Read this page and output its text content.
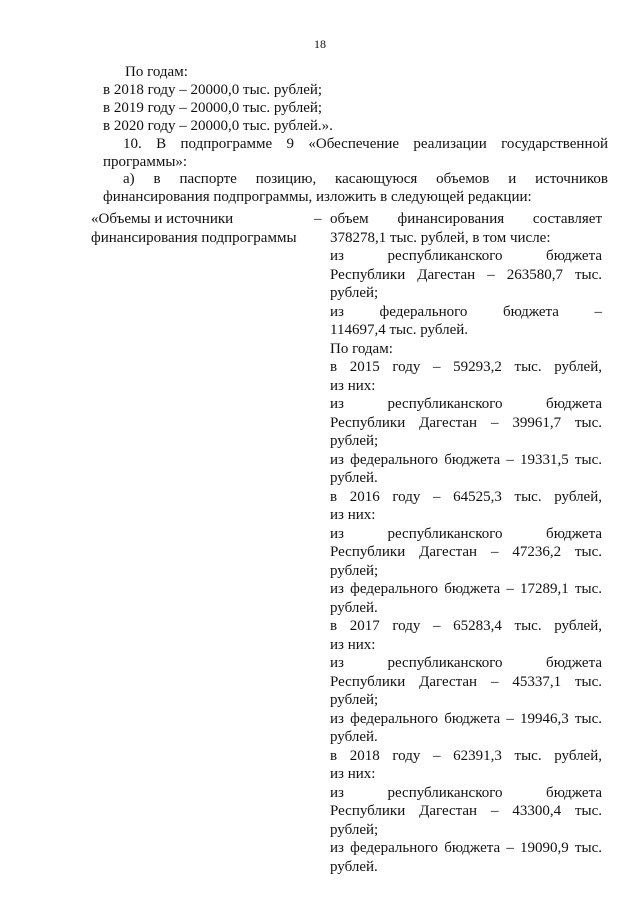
18
По годам:
в 2018 году – 20000,0 тыс. рублей;
в 2019 году – 20000,0 тыс. рублей;
в 2020 году – 20000,0 тыс. рублей.».
10. В подпрограмме 9 «Обеспечение реализации государственной
программы»:
а) в паспорте позицию, касающуюся объемов и источников
финансирования подпрограммы, изложить в следующей редакции:
«Объемы и источники
финансирования подпрограммы
– объем финансирования составляет
378278,1 тыс. рублей, в том числе:
из республиканского бюджета
Республики Дагестан – 263580,7 тыс.
рублей;
из федерального бюджета –
114697,4 тыс. рублей.
По годам:
в 2015 году – 59293,2 тыс. рублей,
из них:
из республиканского бюджета
Республики Дагестан – 39961,7 тыс.
рублей;
из федерального бюджета – 19331,5 тыс.
рублей.
в 2016 году – 64525,3 тыс. рублей,
из них:
из республиканского бюджета
Республики Дагестан – 47236,2 тыс.
рублей;
из федерального бюджета – 17289,1 тыс.
рублей.
в 2017 году – 65283,4 тыс. рублей,
из них:
из республиканского бюджета
Республики Дагестан – 45337,1 тыс.
рублей;
из федерального бюджета – 19946,3 тыс.
рублей.
в 2018 году – 62391,3 тыс. рублей,
из них:
из республиканского бюджета
Республики Дагестан – 43300,4 тыс.
рублей;
из федерального бюджета – 19090,9 тыс.
рублей.
